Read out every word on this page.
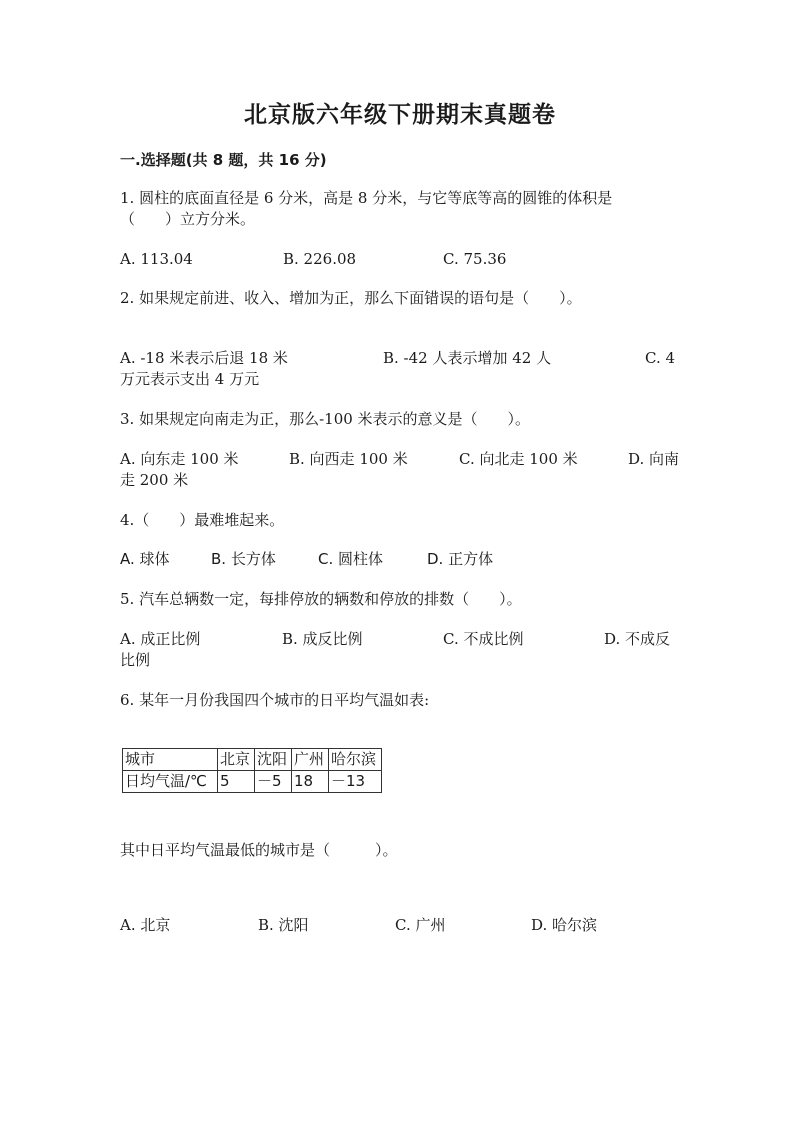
北京版六年级下册期末真题卷
一.选择题(共 8 题，共 16 分)
1. 圆柱的底面直径是 6 分米，高是 8 分米，与它等底等高的圆锥的体积是
（　　）立方分米。
A. 113.04	B. 226.08	C. 75.36
2. 如果规定前进、收入、增加为正，那么下面错误的语句是（　　）。
A. -18 米表示后退 18 米	B. -42 人表示增加 42 人	C. 4
万元表示支出 4 万元
3. 如果规定向南走为正，那么-100 米表示的意义是（　　）。
A. 向东走 100 米	B. 向西走 100 米	C. 向北走 100 米	D. 向南
走 200 米
4.（　　）最难堆起来。
A. 球体	B. 长方体	C. 圆柱体	D. 正方体
5. 汽车总辆数一定，每排停放的辆数和停放的排数（　　）。
A. 成正比例	B. 成反比例	C. 不成比例	D. 不成反
比例
6. 某年一月份我国四个城市的日平均气温如表:
城市	北京	沈阳	广州	哈尔滨
日均气温/℃	5	－5	18	－13
其中日平均气温最低的城市是（　　　）。
A. 北京	B. 沈阳	C. 广州	D. 哈尔滨
